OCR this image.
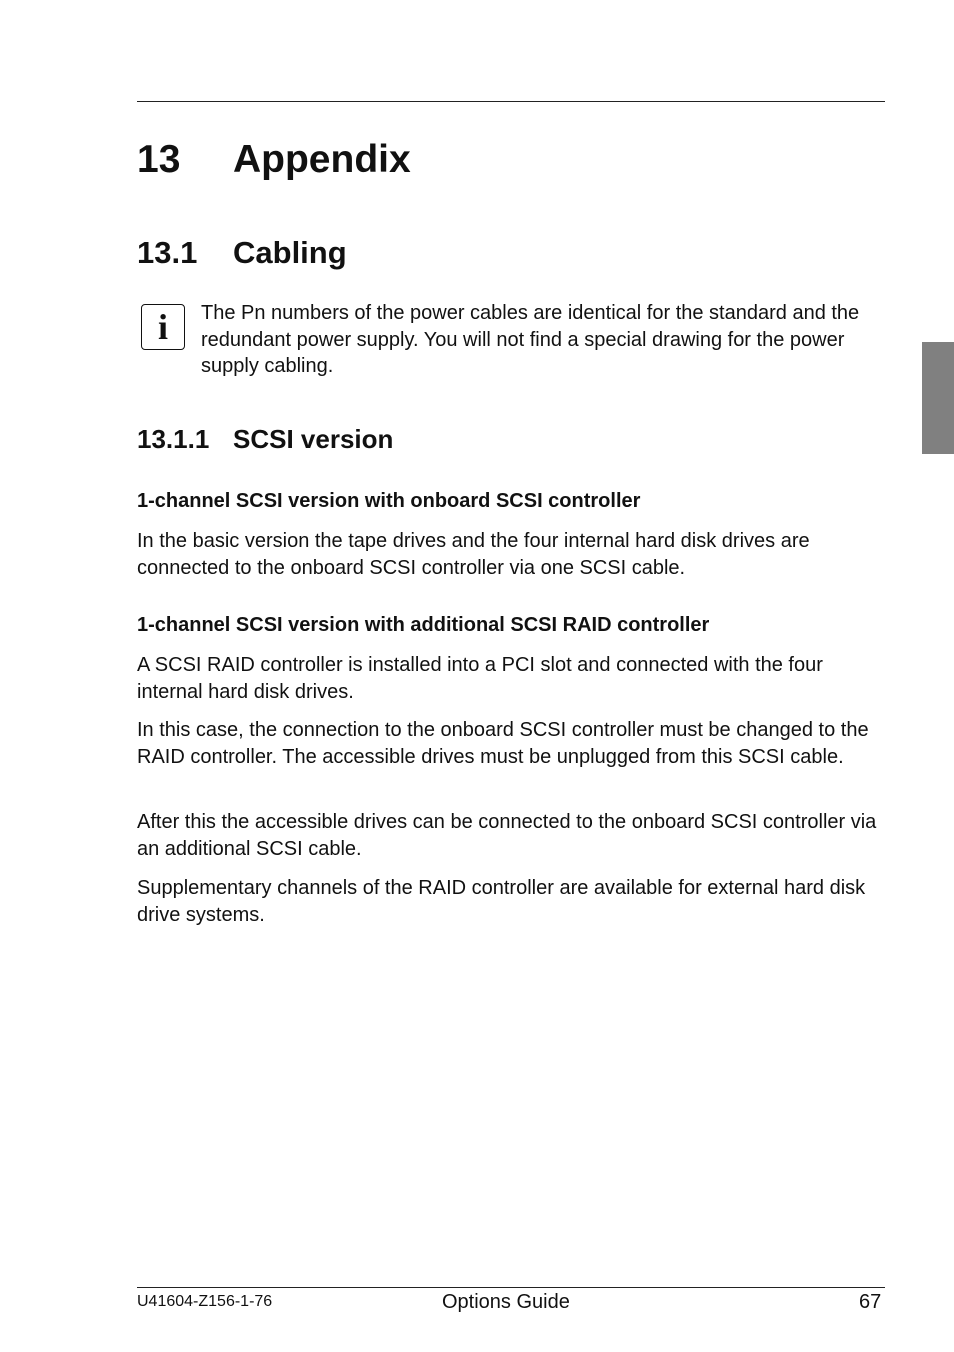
13 Appendix
13.1 Cabling
i	The Pn numbers of the power cables are identical for the standard and the redundant power supply. You will not find a special drawing for the power supply cabling.

13.1.1 SCSI version

1-channel SCSI version with onboard SCSI controller

In the basic version the tape drives and the four internal hard disk drives are connected to the onboard SCSI controller via one SCSI cable.

1-channel SCSI version with additional SCSI RAID controller

A SCSI RAID controller is installed into a PCI slot and connected with the four internal hard disk drives.

In this case, the connection to the onboard SCSI controller must be changed to the RAID controller. The accessible drives must be unplugged from this SCSI cable.

After this the accessible drives can be connected to the onboard SCSI controller via an additional SCSI cable.

Supplementary channels of the RAID controller are available for external hard disk drive systems.

U41604-Z156-1-76	Options Guide	67
